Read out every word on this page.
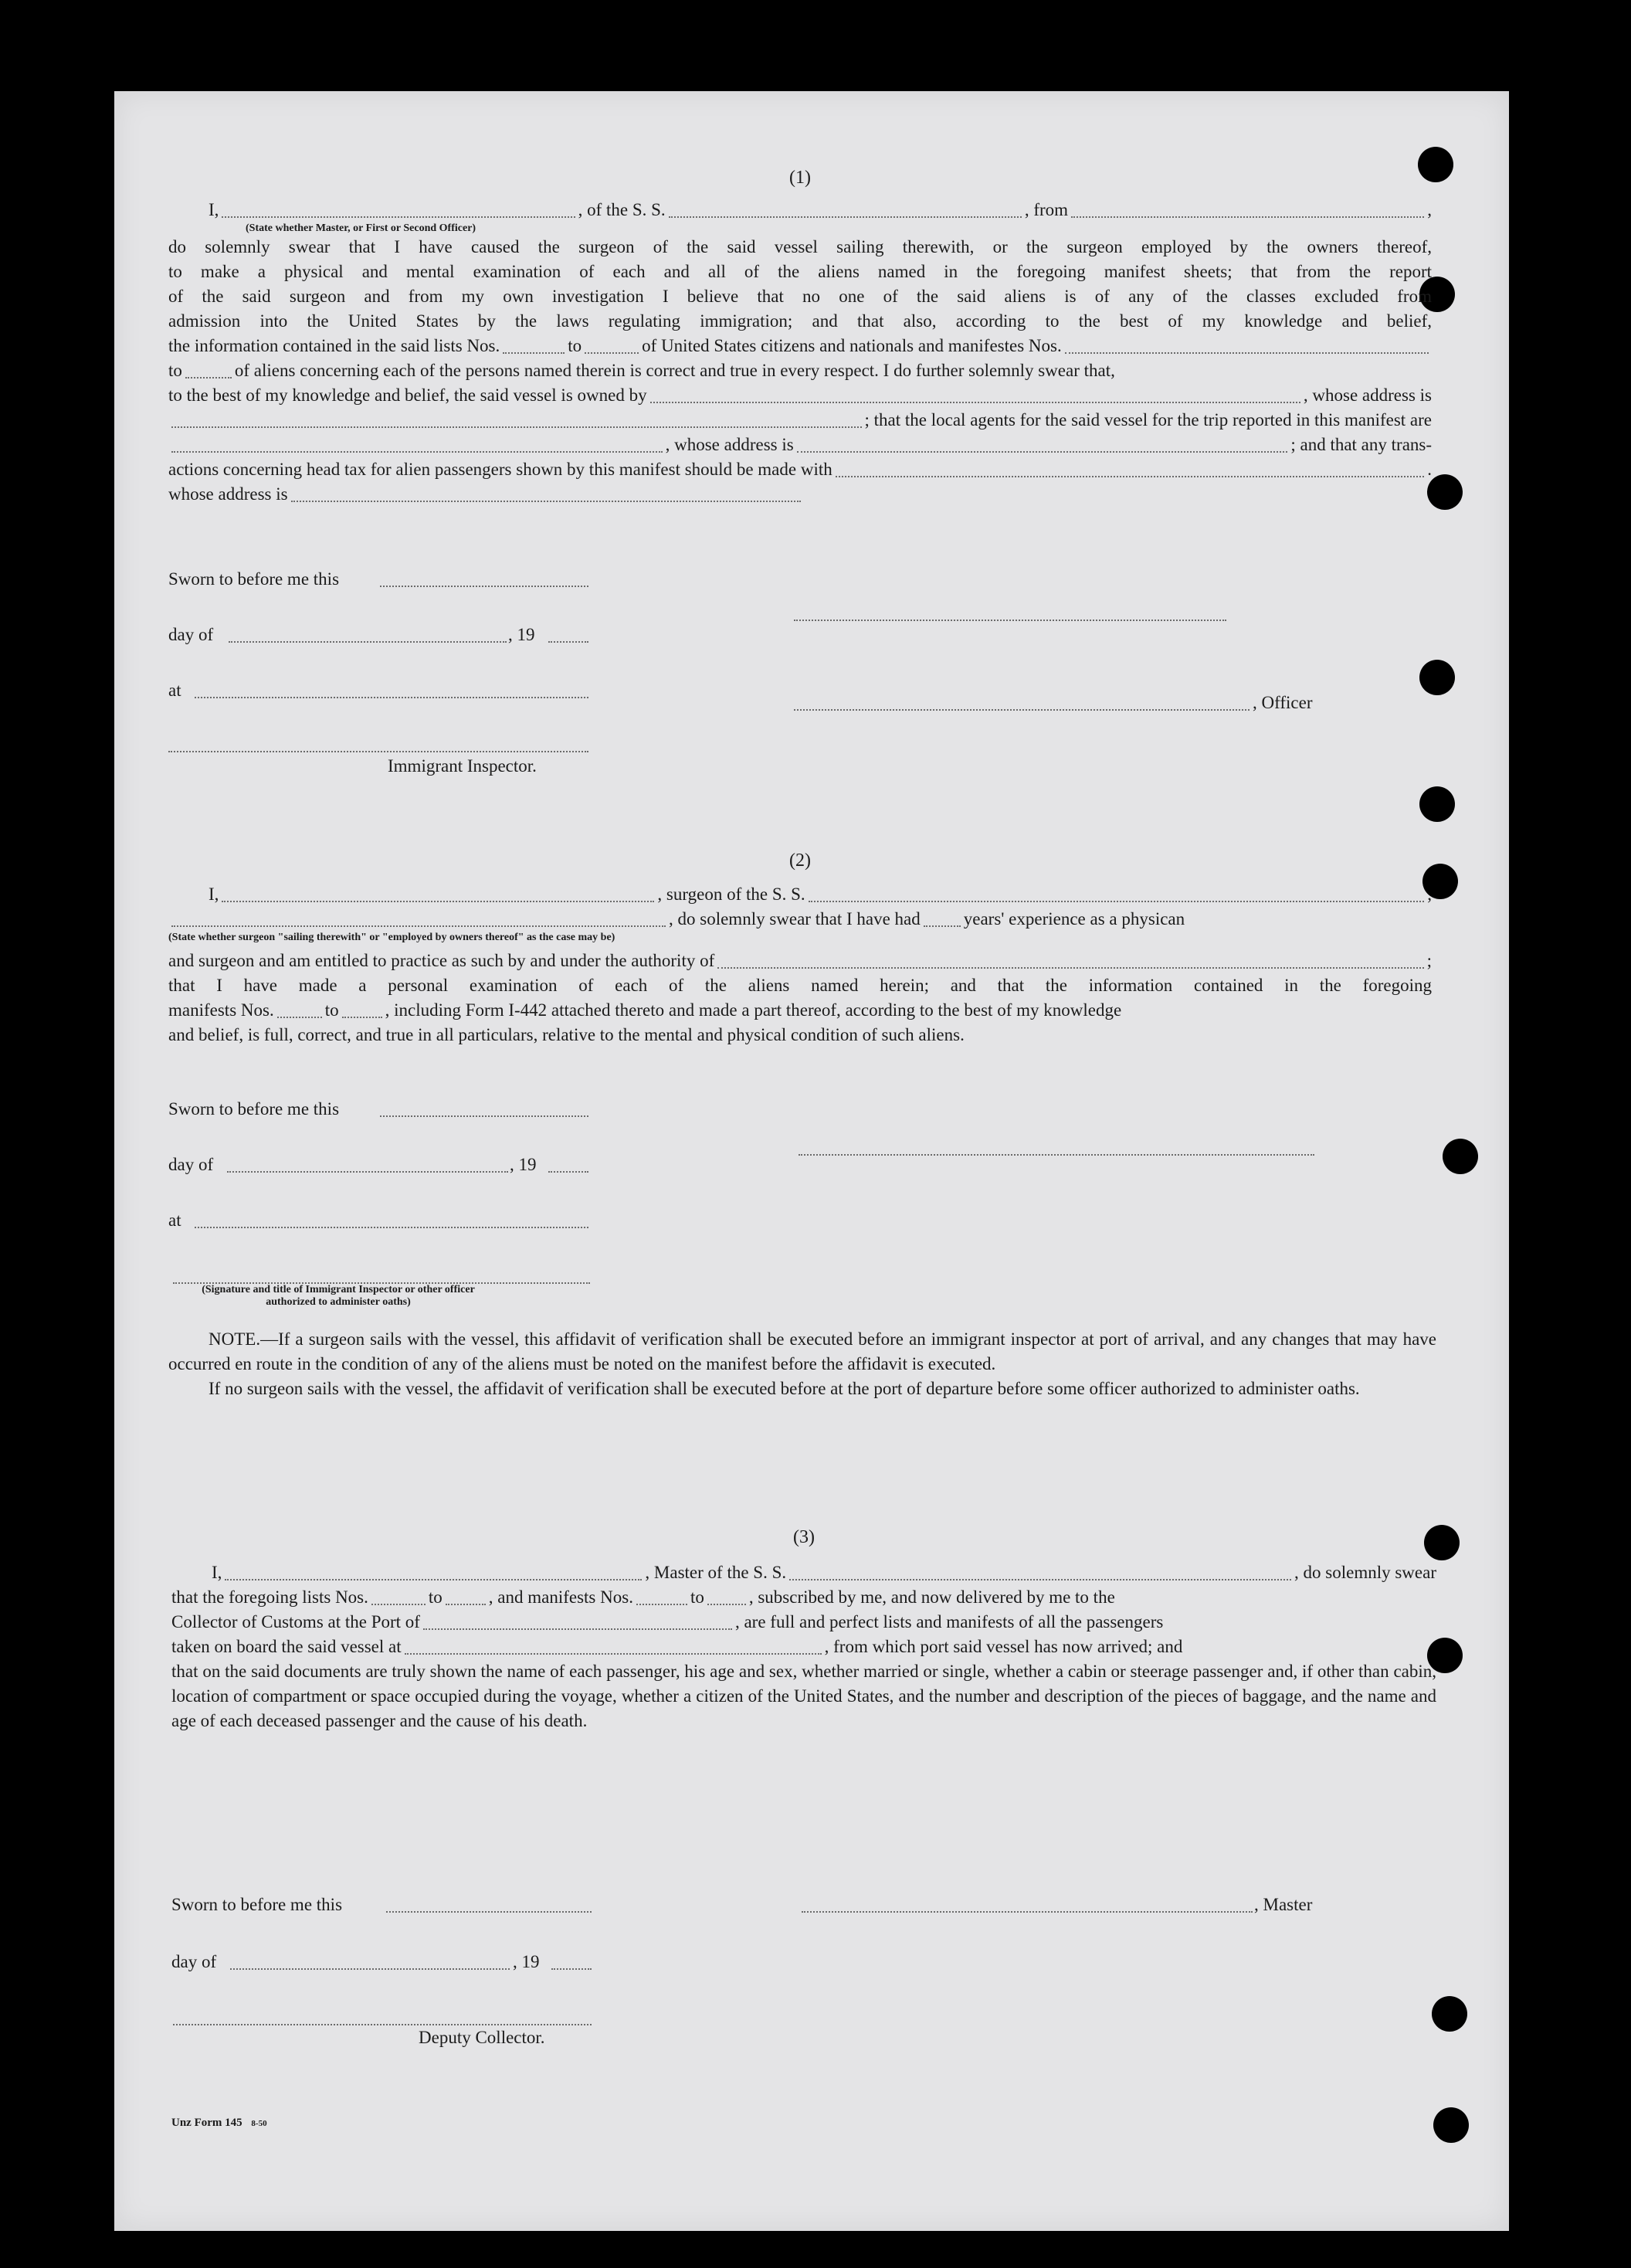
(1)
I,	, of the S. S.	, from	,
(State whether Master, or First or Second Officer)
do solemnly swear that I have caused the surgeon of the said vessel sailing therewith, or the surgeon employed by the owners thereof,
to make a physical and mental examination of each and all of the aliens named in the foregoing manifest sheets; that from the report
of the said surgeon and from my own investigation I believe that no one of the said aliens is of any of the classes excluded from
admission into the United States by the laws regulating immigration; and that also, according to the best of my knowledge and belief,
the information contained in the said lists Nos.	to	of United States citizens and nationals and manifestes Nos.
to	of aliens concerning each of the persons named therein is correct and true in every respect. I do further solemnly swear that,
to the best of my knowledge and belief, the said vessel is owned by	, whose address is
; that the local agents for the said vessel for the trip reported in this manifest are
, whose address is	; and that any trans-
actions concerning head tax for alien passengers shown by this manifest should be made with	.
whose address is
Sworn to before me this
day of	, 19
at
, Officer
Immigrant Inspector.
(2)
I,	, surgeon of the S. S.	,
, do solemnly swear that I have had years' experience as a physican
(State whether surgeon "sailing therewith" or "employed by owners thereof" as the case may be)
and surgeon and am entitled to practice as such by and under the authority of	;
that I have made a personal examination of each of the aliens named herein; and that the information contained in the foregoing
manifests Nos.	to	, including Form I-442 attached thereto and made a part thereof, according to the best of my knowledge
and belief, is full, correct, and true in all particulars, relative to the mental and physical condition of such aliens.
Sworn to before me this
day of	, 19
at
(Signature and title of Immigrant Inspector or other officer authorized to administer oaths)

NOTE.—If a surgeon sails with the vessel, this affidavit of verification shall be executed before an immigrant inspector at port of arrival, and any changes that may have occurred en route in the condition of any of the aliens must be noted on the manifest before the affidavit is executed.

If no surgeon sails with the vessel, the affidavit of verification shall be executed before at the port of departure before some officer authorized to administer oaths.

(3)
I,	, Master of the S. S.	, do solemnly swear
that the foregoing lists Nos.	to	, and manifests Nos.	to	, subscribed by me, and now delivered by me to the
Collector of Customs at the Port of	, are full and perfect lists and manifests of all the passengers
taken on board the said vessel at	, from which port said vessel has now arrived; and
that on the said documents are truly shown the name of each passenger, his age and sex, whether married or single, whether a cabin or steerage passenger and, if other than cabin, location of compartment or space occupied during the voyage, whether a citizen of the United States, and the number and description of the pieces of baggage, and the name and age of each deceased passenger and the cause of his death.
Sworn to before me this	, Master
day of	, 19
Deputy Collector.
Unz Form 145 8-50
